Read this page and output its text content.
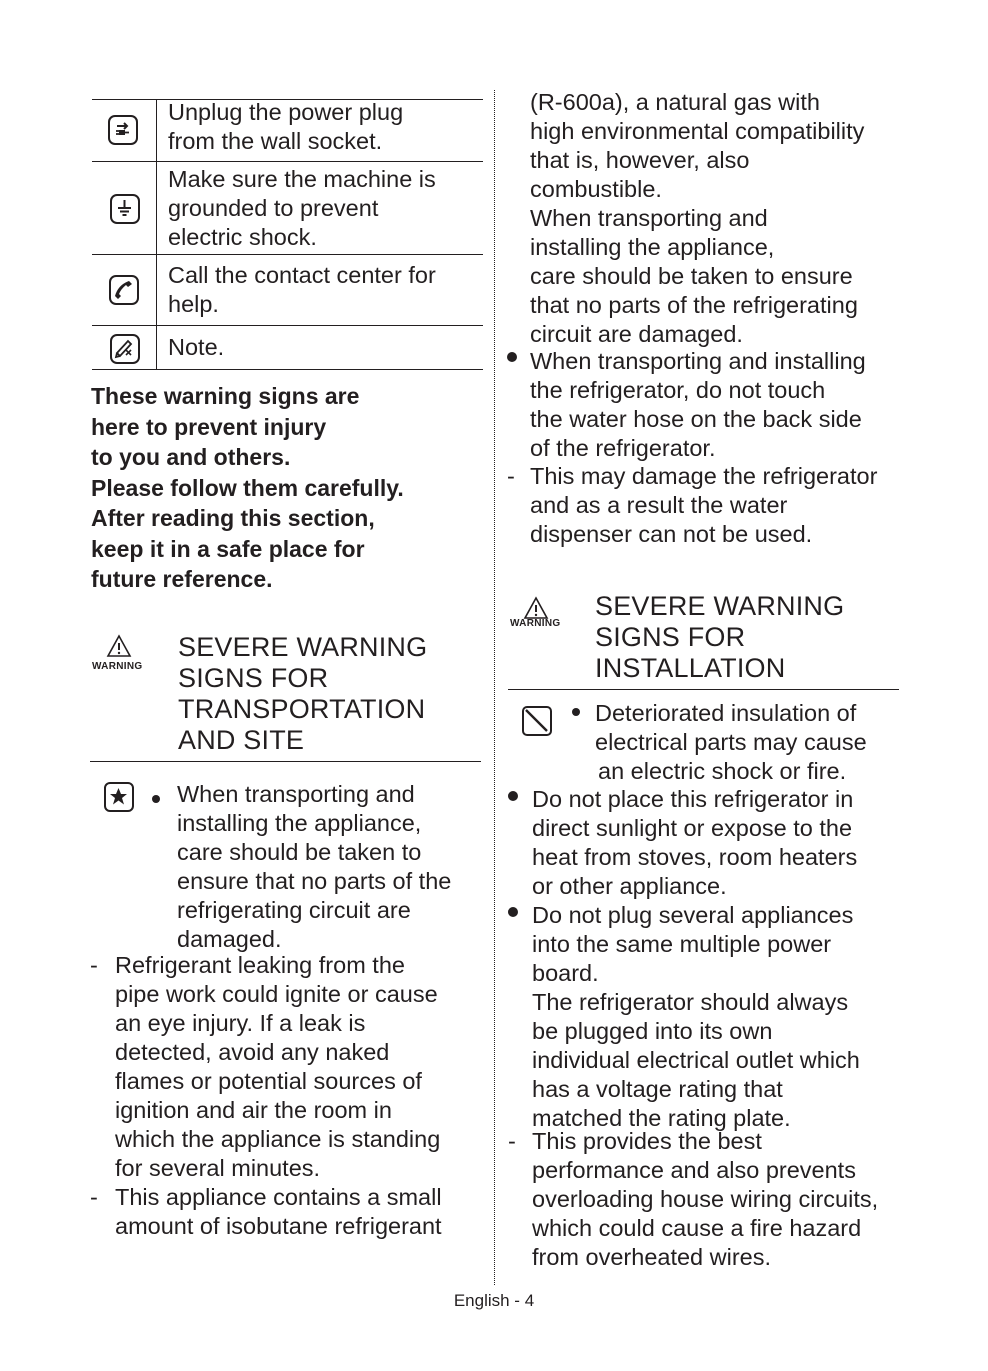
Unplug the power plug
from the wall socket.
Make sure the machine is
grounded to prevent
electric shock.
Call the contact center for
help.
Note.
These warning signs are
here to prevent injury
to you and others.
Please follow them carefully.
After reading this section,
keep it in a safe place for
future reference.
WARNING
SEVERE WARNING
SIGNS FOR
TRANSPORTATION
AND SITE
When transporting and
installing the appliance,
care should be taken to
ensure that no parts of the
refrigerating circuit are
damaged.
- Refrigerant leaking from the
pipe work could ignite or cause
an eye injury. If a leak is
detected, avoid any naked
flames or potential sources of
ignition and air the room in
which the appliance is standing
for several minutes.
- This appliance contains a small
amount of isobutane refrigerant
(R-600a), a natural gas with
high environmental compatibility
that is, however, also
combustible.
When transporting and
installing the appliance,
care should be taken to ensure
that no parts of the refrigerating
circuit are damaged.
When transporting and installing
the refrigerator, do not touch
the water hose on the back side
of the refrigerator.
- This may damage the refrigerator
and as a result the water
dispenser can not be used.
WARNING
SEVERE WARNING
SIGNS FOR
INSTALLATION
Deteriorated insulation of
electrical parts may cause
an electric shock or fire.
Do not place this refrigerator in
direct sunlight or expose to the
heat from stoves, room heaters
or other appliance.
Do not plug several appliances
into the same multiple power
board.
The refrigerator should always
be plugged into its own
individual electrical outlet which
has a voltage rating that
matched the rating plate.
- This provides the best
performance and also prevents
overloading house wiring circuits,
which could cause a fire hazard
from overheated wires.
English - 4
